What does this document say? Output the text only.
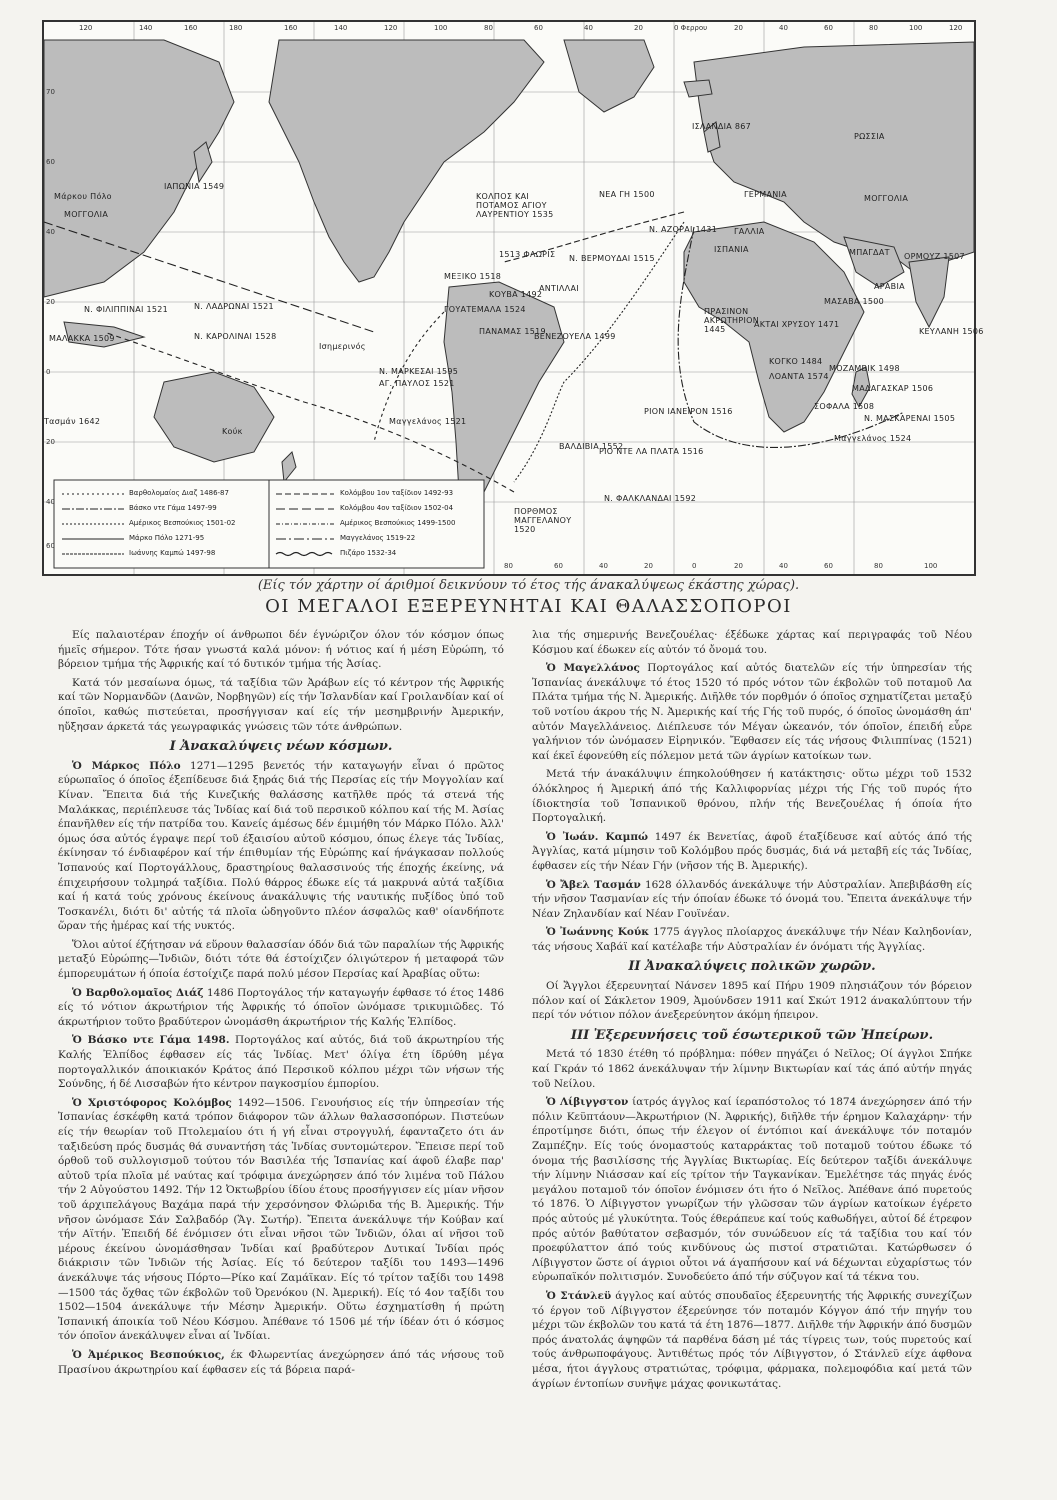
120	140	160	180	160	140	120	100	80	60	40	20	0 Φερρου	20	40	60	80	100	120
80	60	40	20	0	20	40	60	80	100
70
60
40
20
0
20
40
60
ΙΣΛΑΝΔΙΑ 867
ΡΩΣΣΙΑ
ΜΟΓΓΟΛΙΑ
ΜΟΓΓΟΛΙΑ
ΓΕΡΜΑΝΙΑ
ΓΑΛΛΙΑ
ΙΣΠΑΝΙΑ
ΚΟΛΠΟΣ ΚΑΙ ΠΟΤΑΜΟΣ ΑΓΙΟΥ ΛΑΥΡΕΝΤΙΟΥ 1535
ΝΕΑ ΓΗ 1500
Ν. ΑΖΟΡΑΙ 1431
Ν. ΒΕΡΜΟΥΔΑΙ 1515
1513 ΦΛΩΡΙΣ
ΑΝΤΙΛΛΑΙ
ΜΕΞΙΚΟ 1518
ΚΟΥΒΑ 1492
ΓΟΥΑΤΕΜΑΛΑ 1524
ΠΑΝΑΜΑΣ 1519
ΒΕΝΕΖΟΥΕΛΑ 1499
ΠΡΑΣΙΝΟΝ ΑΚΡΩΤΗΡΙΟΝ 1445
ΑΚΤΑΙ ΧΡΥΣΟΥ 1471
ΜΑΣΑΒΑ 1500
ΑΡΑΒΙΑ
ΟΡΜΟΥΖ 1507
ΜΠΑΓΔΑΤ
ΚΕΥΛΑΝΗ 1506
ΚΟΓΚΟ 1484
ΛΟΑΝΤΑ 1574
ΜΟΖΑΜΒΙΚ 1498
ΜΑΔΑΓΑΣΚΑΡ 1506
ΣΟΦΑΛΑ 1508
Ν. ΜΑΣΚΑΡΕΝΑΙ 1505
ΡΙΟΝ ΙΑΝΕΙΡΟΝ 1516
ΒΑΛΔΙΒΙΑ 1552
ΡΙΟ ΝΤΕ ΛΑ ΠΛΑΤΑ 1516
Ν. ΦΑΛΚΛΑΝΔΑΙ 1592
ΠΟΡΘΜΟΣ ΜΑΓΓΕΛΑΝΟΥ 1520
Ν. ΦΙΛΙΠΠΙΝΑΙ 1521	Ν. ΛΑΔΡΩΝΑΙ 1521
Ν. ΚΑΡΟΛΙΝΑΙ 1528
ΜΑΛΑΚΚΑ 1509
Ν. ΜΑΡΚΕΣΑΙ 1595
ΑΓ. ΠΑΥΛΟΣ 1521
ΙΑΠΩΝΙΑ 1549
Μάρκου Πόλο
Ισημερινός
Τασμάν 1642	Μαγγελάνος 1521
Μαγγελάνος 1524
Κούκ
Βαρθολομαίος Διαζ 1486-87
Βάσκο ντε Γάμα 1497-99
Αμέρικος Βεσπούκιος 1501-02
Μάρκο Πόλο 1271-95
Ιωάννης Καμπώ 1497-98
Κολόμβου 1ον ταξίδιον 1492-93
Κολόμβου 4ον ταξίδιον 1502-04
Αμέρικος Βεσπούκιος 1499-1500
Μαγγελάνος 1519-22
Πιζάρο 1532-34
(Είς τόν χάρτην οί άριθμοί δεικνύουν τό έτος τής άνακαλύψεως έκάστης χώρας).
ΟΙ ΜΕΓΑΛΟΙ ΕΞΕΡΕΥΝΗΤΑΙ ΚΑΙ ΘΑΛΑΣΣΟΠΟΡΟΙ

Είς παλαιοτέραν έποχήν οί άνθρωποι δέν έγνώριζον όλον τόν κόσμον όπως ήμεῖς σήμερον. Τότε ήσαν γνωστά καλά μόνον: ή νότιος καί ή μέση Εὐρώπη, τό βόρειον τμήμα τής Ἀφρικής καί τό δυτικόν τμήμα τής Ἀσίας.

Κατά τόν μεσαίωνα όμως, τά ταξίδια τῶν Ἀράβων είς τό κέντρον τής Ἀφρικής καί τῶν Νορμανδῶν (Δανῶν, Νορβηγῶν) είς τήν Ἰσλανδίαν καί Γροιλανδίαν καί οί όποῖοι, καθώς πιστεύεται, προσήγγισαν καί είς τήν μεσημβρινήν Ἀμερικήν, ηὔξησαν άρκετά τάς γεωγραφικάς γνώσεις τῶν τότε άνθρώπων.

Ι Ἀνακαλύψεις νέων κόσμων.

Ὁ Μάρκος Πόλο 1271—1295 βενετός τήν καταγωγήν εἶναι ό πρῶτος εύρωπαῖος ό όποῖος έξεπίδευσε διά ξηράς διά τής Περσίας είς τήν Μογγολίαν καί Κίναν. Ἔπειτα διά τής Κινεζικής θαλάσσης κατῆλθε πρός τά στενά τής Μαλάκκας, περιέπλευσε τάς Ἰνδίας καί διά τοῦ περσικοῦ κόλπου καί τής Μ. Ἀσίας έπανῆλθεν είς τήν πατρίδα του. Κανείς άμέσως δέν έμιμήθη τόν Μάρκο Πόλο. Ἀλλ' όμως όσα αὐτός έγραψε περί τοῦ έξαισίου αὐτοῦ κόσμου, όπως έλεγε τάς Ἰνδίας, έκίνησαν τό ένδιαφέρον καί τήν έπιθυμίαν τής Εὐρώπης καί ήνάγκασαν πολλούς Ἰσπανούς καί Πορτογάλλους, δραστηρίους θαλασσινούς τής έποχής έκείνης, νά έπιχειρήσουν τολμηρά ταξίδια. Πολύ θάρρος έδωκε είς τά μακρυνά αὐτά ταξίδια καί ή κατά τούς χρόνους έκείνους άνακάλυψις τής ναυτικής πυξίδος ὑπό τοῦ Τοσκανέλι, διότι δι' αὐτής τά πλοῖα ὡδηγοῦντο πλέον άσφαλῶς καθ' οίανδήποτε ὥραν τής ἡμέρας καί τής νυκτός.

Ὅλοι αὐτοί έζήτησαν νά εὕρουν θαλασσίαν όδόν διά τῶν παραλίων τής Ἀφρικής μεταξύ Εὐρώπης—Ἰνδιῶν, διότι τότε θά έστοίχιζεν όλιγώτερον ή μεταφορά τῶν έμπορευμάτων ή όποία έστοίχιζε παρά πολύ μέσον Περσίας καί Ἀραβίας οὕτω:

Ὁ Βαρθολομαῖος Διάζ 1486 Πορτογάλος τήν καταγωγήν έφθασε τό έτος 1486 είς τό νότιον άκρωτήριον τής Ἀφρικής τό όποῖον ὠνόμασε τρικυμιῶδες. Τό άκρωτήριον τοῦτο βραδύτερον ὠνομάσθη άκρωτήριον τής Καλής Ἐλπίδος.

Ὁ Βάσκο ντε Γάμα 1498. Πορτογάλος καί αὐτός, διά τοῦ άκρωτηρίου τής Καλής Ἐλπίδος έφθασεν είς τάς Ἰνδίας. Μετ' όλίγα έτη ίδρύθη μέγα πορτογαλλικόν άποικιακόν Κράτος άπό Περσικοῦ κόλπου μέχρι τῶν νήσων τής Σούνδης, ή δέ Λισσαβών ήτο κέντρον παγκοσμίου έμπορίου.

Ὁ Χριστόφορος Κολόμβος 1492—1506. Γενουήσιος είς τήν ὑπηρεσίαν τής Ἰσπανίας έσκέφθη κατά τρόπον διάφορον τῶν άλλων θαλασσοπόρων. Πιστεύων είς τήν θεωρίαν τοῦ Πτολεμαίου ότι ή γή εἶναι στρογγυλή, έφανταζετο ότι άν ταξιδεύση πρός δυσμάς θά συναντήση τάς Ἰνδίας συντομώτερον. Ἔπεισε περί τοῦ όρθοῦ τοῦ συλλογισμοῦ τούτου τόν Βασιλέα τής Ἰσπανίας καί άφοῦ έλαβε παρ' αὐτοῦ τρία πλοῖα μέ ναύτας καί τρόφιμα άνεχώρησεν άπό τόν λιμένα τοῦ Πάλου τήν 2 Αὐγούστου 1492. Τήν 12 Ὀκτωβρίου ίδίου έτους προσήγγισεν είς μίαν νῆσον τοῦ άρχιπελάγους Βαχάμα παρά τήν χερσόνησον Φλώριδα τής Β. Ἀμερικής. Τήν νῆσον ὠνόμασε Σάν Σαλβαδόρ (Ἅγ. Σωτήρ). Ἔπειτα άνεκάλυψε τήν Κούβαν καί τήν Αϊτήν. Ἐπειδή δέ ένόμισεν ότι εἶναι νῆσοι τῶν Ἰνδιῶν, όλαι αί νῆσοι τοῦ μέρους έκείνου ὠνομάσθησαν Ἰνδίαι καί βραδύτερον Δυτικαί Ἰνδίαι πρός διάκρισιν τῶν Ἰνδιῶν τής Ἀσίας. Είς τό δεύτερον ταξίδι του 1493—1496 άνεκάλυψε τάς νήσους Πόρτο—Ρίκο καί Ζαμάϊκαν. Είς τό τρίτον ταξίδι του 1498—1500 τάς ὄχθας τῶν έκβολῶν τοῦ Ὀρενόκου (Ν. Ἀμερική). Είς τό 4ον ταξίδι του 1502—1504 άνεκάλυψε τήν Μέσην Ἀμερικήν. Οὕτω έσχηματίσθη ή πρώτη Ἰσπανική άποικία τοῦ Νέου Κόσμου. Ἀπέθανε τό 1506 μέ τήν ίδέαν ότι ό κόσμος τόν όποῖον άνεκάλυψεν εἶναι αί Ἰνδίαι.

Ὁ Ἀμέρικος Βεσπούκιος, έκ Φλωρεντίας άνεχώρησεν άπό τάς νήσους τοῦ Πρασίνου άκρωτηρίου καί έφθασεν είς τά βόρεια παρά-

λια τής σημερινής Βενεζουέλας· έξέδωκε χάρτας καί περιγραφάς τοῦ Νέου Κόσμου καί έδωκεν είς αὐτόν τό ὄνομά του.

Ὁ Μαγελλάνος Πορτογάλος καί αὐτός διατελῶν είς τήν ὑπηρεσίαν τής Ἰσπανίας άνεκάλυψε τό έτος 1520 τό πρός νότον τῶν έκβολῶν τοῦ ποταμοῦ Λα Πλάτα τμήμα τής Ν. Ἀμερικής. Διῆλθε τόν πορθμόν ό όποῖος σχηματίζεται μεταξύ τοῦ νοτίου άκρου τής Ν. Ἀμερικής καί τής Γής τοῦ πυρός, ό όποῖος ὠνομάσθη άπ' αὐτόν Μαγελλάνειος. Διέπλευσε τόν Μέγαν ὠκεανόν, τόν όποῖον, έπειδή εὗρε γαλήνιον τόν ὠνόμασεν Εἰρηνικόν. Ἔφθασεν είς τάς νήσους Φιλιππίνας (1521) καί έκεῖ έφονεύθη είς πόλεμον μετά τῶν άγρίων κατοίκων των.

Μετά τήν άνακάλυψιν έπηκολούθησεν ή κατάκτησις· οὕτω μέχρι τοῦ 1532 όλόκληρος ή Ἀμερική άπό τής Καλλιφορνίας μέχρι τής Γής τοῦ πυρός ήτο ίδιοκτησία τοῦ Ἰσπανικοῦ θρόνου, πλήν τής Βενεζουέλας ή όποία ήτο Πορτογαλική.

Ὁ Ἰωάν. Καμπώ 1497 έκ Βενετίας, άφοῦ έταξίδευσε καί αὐτός άπό τής Ἀγγλίας, κατά μίμησιν τοῦ Κολόμβου πρός δυσμάς, διά νά μεταβῆ είς τάς Ἰνδίας, έφθασεν είς τήν Νέαν Γήν (νῆσον τής Β. Ἀμερικής).

Ὁ Ἄβελ Τασμάν 1628 όλλανδός άνεκάλυψε τήν Αὐστραλίαν. Ἀπεβιβάσθη είς τήν νῆσον Τασμανίαν είς τήν όποίαν έδωκε τό όνομά του. Ἔπειτα άνεκάλυψε τήν Νέαν Ζηλανδίαν καί Νέαν Γουϊνέαν.

Ὁ Ἰωάννης Κούκ 1775 άγγλος πλοίαρχος άνεκάλυψε τήν Νέαν Καληδονίαν, τάς νήσους Χαβάϊ καί κατέλαβε τήν Αὐστραλίαν έν όνόματι τής Ἀγγλίας.

ΙΙ Ἀνακαλύψεις πολικῶν χωρῶν.

Οί Ἄγγλοι έξερευνηταί Νάνσεν 1895 καί Πήρυ 1909 πλησιάζουν τόν βόρειον πόλον καί οί Σάκλετον 1909, Ἀμούνδσεν 1911 καί Σκώτ 1912 άνακαλύπτουν τήν περί τόν νότιον πόλον άνεξερεύνητον άκόμη ήπειρον.

ΙΙΙ Ἐξερευνήσεις τοῦ έσωτερικοῦ τῶν Ἠπείρων.

Μετά τό 1830 έτέθη τό πρόβλημα: πόθεν πηγάζει ό Νεῖλος; Οί άγγλοι Σπήκε καί Γκράν τό 1862 άνεκάλυψαν τήν λίμνην Βικτωρίαν καί τάς άπό αὐτήν πηγάς τοῦ Νείλου.

Ὁ Λίβιγγστον ίατρός άγγλος καί ίεραπόστολος τό 1874 άνεχώρησεν άπό τήν πόλιν Κεϋπτάουν—Ἀκρωτήριον (Ν. Ἀφρικής), διῆλθε τήν έρημον Καλαχάρην· τήν έπροτίμησε διότι, όπως τήν έλεγον οί έντόπιοι καί άνεκάλυψε τόν ποταμόν Ζαμπέζην. Είς τούς όνομαστούς καταρράκτας τοῦ ποταμοῦ τούτου έδωκε τό όνομα τής βασιλίσσης τής Ἀγγλίας Βικτωρίας. Είς δεύτερον ταξίδι άνεκάλυψε τήν λίμνην Νιάσσαν καί είς τρίτον τήν Ταγκανίκαν. Ἐμελέτησε τάς πηγάς ένός μεγάλου ποταμοῦ τόν όποῖον ένόμισεν ότι ήτο ό Νεῖλος. Ἀπέθανε άπό πυρετούς τό 1876. Ὁ Λίβιγγστον γνωρίζων τήν γλῶσσαν τῶν άγρίων κατοίκων έγέρετο πρός αὐτούς μέ γλυκύτητα. Τούς έθεράπευε καί τούς καθωδήγει, αὐτοί δέ έτρεφον πρός αὐτόν βαθύτατον σεβασμόν, τόν συνώδευον είς τά ταξίδια του καί τόν προεφύλαττον άπό τούς κινδύνους ὡς πιστοί στρατιῶται. Κατώρθωσεν ό Λίβιγγστον ὥστε οί άγριοι οὗτοι νά άγαπήσουν καί νά δέχωνται εὐχαρίστως τόν εὐρωπαϊκόν πολιτισμόν. Συνοδεύετο άπό τήν σύζυγον καί τά τέκνα του.

Ὁ Στάνλεϋ άγγλος καί αὐτός σπουδαῖος έξερευνητής τής Ἀφρικής συνεχίζων τό έργον τοῦ Λίβιγγστον έξερεύνησε τόν ποταμόν Κόγγον άπό τήν πηγήν του μέχρι τῶν έκβολῶν του κατά τά έτη 1876—1877. Διῆλθε τήν Ἀφρικήν άπό δυσμῶν πρός άνατολάς άψηφῶν τά παρθένα δάση μέ τάς τίγρεις των, τούς πυρετούς καί τούς άνθρωποφάγους. Ἀντιθέτως πρός τόν Λίβιγγστον, ό Στάνλεϋ είχε άφθονα μέσα, ήτοι άγγλους στρατιώτας, τρόφιμα, φάρμακα, πολεμοφόδια καί μετά τῶν άγρίων έντοπίων συνῆψε μάχας φονικωτάτας.
